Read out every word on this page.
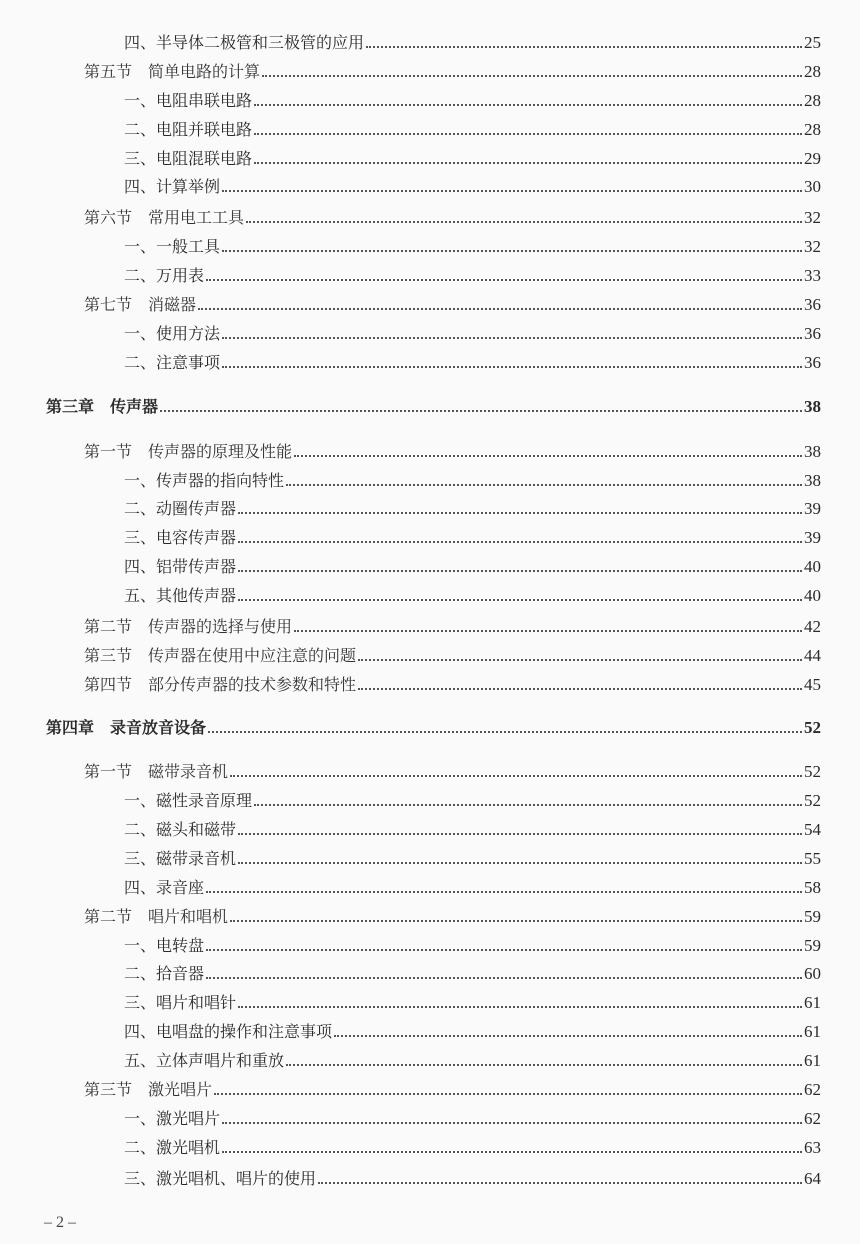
四、半导体二极管和三极管的应用	25
第五节 简单电路的计算	28
一、电阻串联电路	28
二、电阻并联电路	28
三、电阻混联电路	29
四、计算举例	30
第六节 常用电工工具	32
一、一般工具	32
二、万用表	33
第七节 消磁器	36
一、使用方法	36
二、注意事项	36
第三章 传声器	38
第一节 传声器的原理及性能	38
一、传声器的指向特性	38
二、动圈传声器	39
三、电容传声器	39
四、铝带传声器	40
五、其他传声器	40
第二节 传声器的选择与使用	42
第三节 传声器在使用中应注意的问题	44
第四节 部分传声器的技术参数和特性	45
第四章 录音放音设备	52
第一节 磁带录音机	52
一、磁性录音原理	52
二、磁头和磁带	54
三、磁带录音机	55
四、录音座	58
第二节 唱片和唱机	59
一、电转盘	59
二、拾音器	60
三、唱片和唱针	61
四、电唱盘的操作和注意事项	61
五、立体声唱片和重放	61
第三节 激光唱片	62
一、激光唱片	62
二、激光唱机	63
三、激光唱机、唱片的使用	64
– 2 –
